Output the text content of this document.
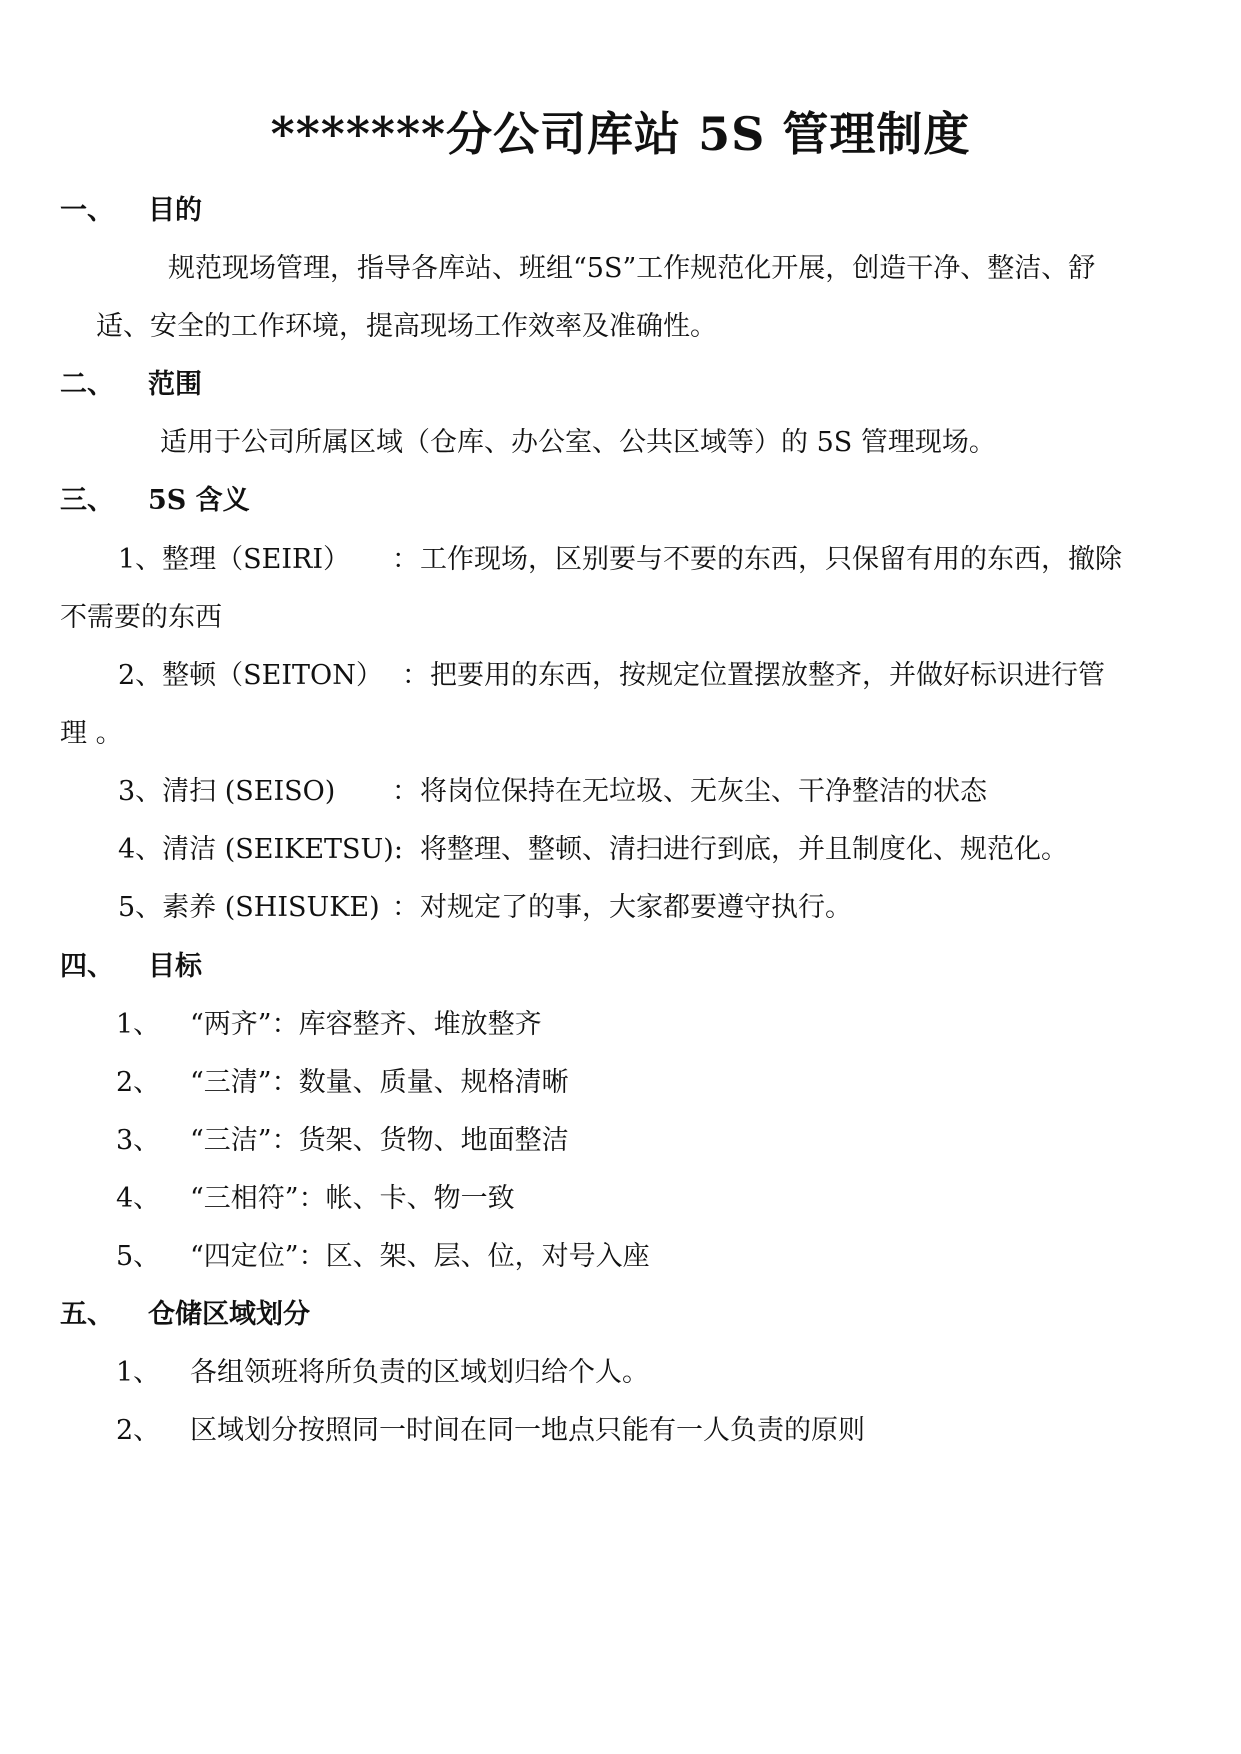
*******分公司库站 5S 管理制度
一、 目的
规范现场管理，指导各库站、班组“5S”工作规范化开展，创造干净、整洁、舒
适、安全的工作环境，提高现场工作效率及准确性。
二、 范围
适用于公司所属区域（仓库、办公室、公共区域等）的 5S 管理现场。
三、 5S 含义
1、整理（SEIRI） ： 工作现场，区别要与不要的东西，只保留有用的东西，撤除
不需要的东西
2、整顿（SEITON） ： 把要用的东西，按规定位置摆放整齐，并做好标识进行管
理 。
3、清扫 (SEISO) ： 将岗位保持在无垃圾、无灰尘、干净整洁的状态
4、清洁 (SEIKETSU): 将整理、整顿、清扫进行到底，并且制度化、规范化。
5、素养 (SHISUKE) ： 对规定了的事，大家都要遵守执行。
四、 目标
1、 “两齐”：库容整齐、堆放整齐
2、 “三清”：数量、质量、规格清晰
3、 “三洁”：货架、货物、地面整洁
4、 “三相符”：帐、卡、物一致
5、 “四定位”：区、架、层、位，对号入座
五、 仓储区域划分
1、 各组领班将所负责的区域划归给个人。
2、 区域划分按照同一时间在同一地点只能有一人负责的原则
